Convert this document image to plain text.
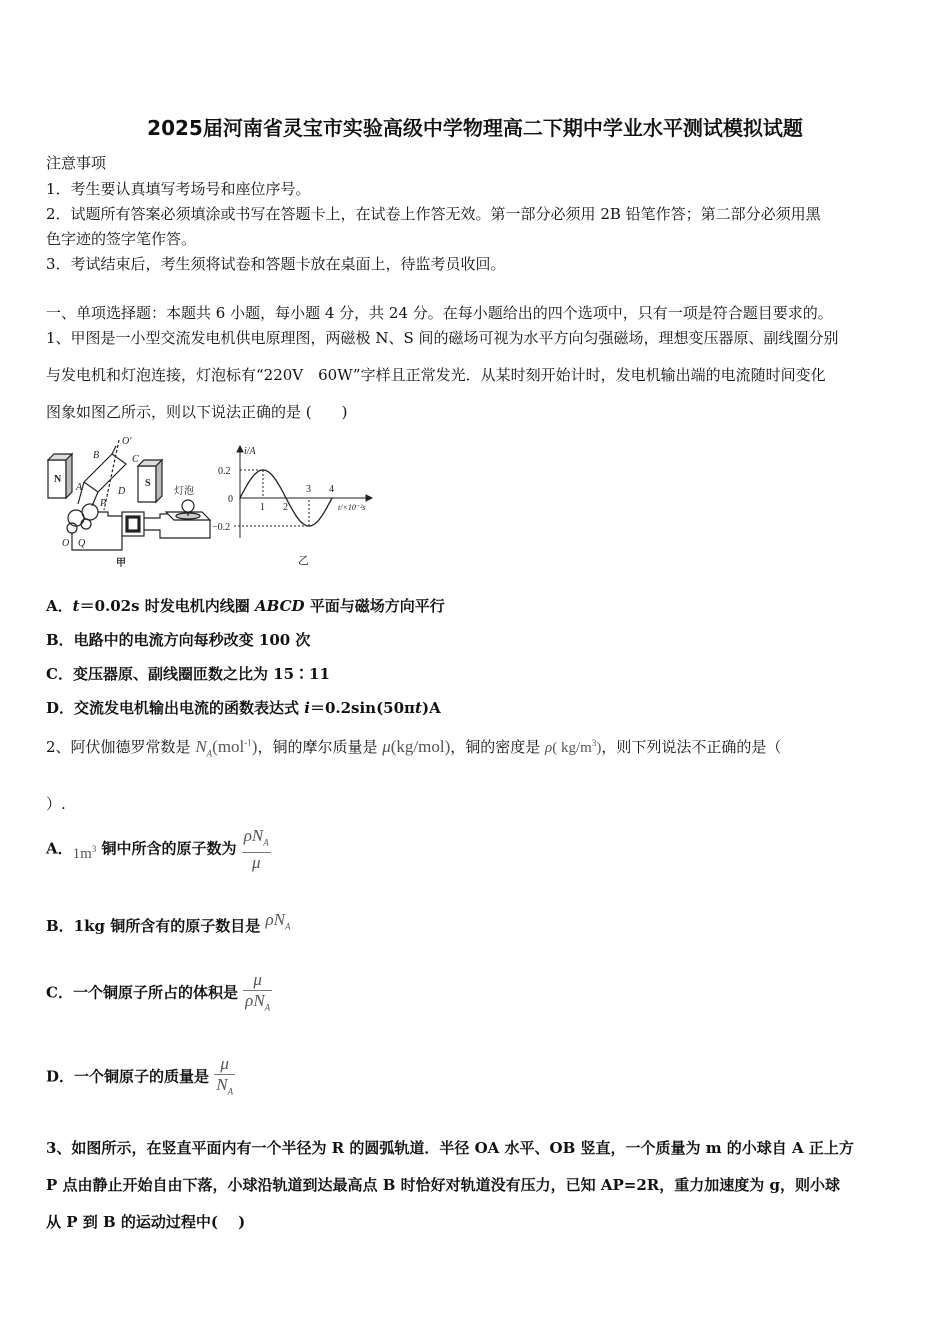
2025届河南省灵宝市实验高级中学物理高二下期中学业水平测试模拟试题
注意事项
1．考生要认真填写考场号和座位序号。
2．试题所有答案必须填涂或书写在答题卡上，在试卷上作答无效。第一部分必须用 2B 铅笔作答；第二部分必须用黑
色字迹的签字笔作答。
3．考试结束后，考生须将试卷和答题卡放在桌面上，待监考员收回。
一、单项选择题：本题共 6 小题，每小题 4 分，共 24 分。在每小题给出的四个选项中，只有一项是符合题目要求的。
1、甲图是一小型交流发电机供电原理图，两磁极 N、S 间的磁场可视为水平方向匀强磁场，理想变压器原、副线圈分别
与发电机和灯泡连接，灯泡标有“220V　60W”字样且正常发光．从某时刻开始计时，发电机输出端的电流随时间变化
图象如图乙所示，则以下说法正确的是 (　　)
O'
B	C
N	S
A	D
P
灯泡
O Q
甲
i/A
t/×10⁻²s
0.2
0
−0.2
1 2
3 4
乙
A．t＝0.02s 时发电机内线圈 ABCD 平面与磁场方向平行
B．电路中的电流方向每秒改变 100 次
C．变压器原、副线圈匝数之比为 15∶11
D．交流发电机输出电流的函数表达式 i＝0.2sin(50πt)A
2、阿伏伽德罗常数是 $N_A(mol^{-1})$，铜的摩尔质量是 μ(kg/mol)，铜的密度是 ρ( $kg/m^3$)，则下列说法不正确的是（
）.
A．$1m^3$ 铜中所含的原子数为 $\frac{\rho N_A}{\mu}$
B．1kg 铜所含有的原子数目是 $\rho N_A$
C．一个铜原子所占的体积是 $\frac{\mu}{\rho N_A}$
D．一个铜原子的质量是 $\frac{\mu}{N_A}$
3、如图所示，在竖直平面内有一个半径为 R 的圆弧轨道．半径 OA 水平、OB 竖直，一个质量为 m 的小球自 A 正上方
P 点由静止开始自由下落，小球沿轨道到达最高点 B 时恰好对轨道没有压力，已知 AP=2R，重力加速度为 g，则小球
从 P 到 B 的运动过程中(　 )
